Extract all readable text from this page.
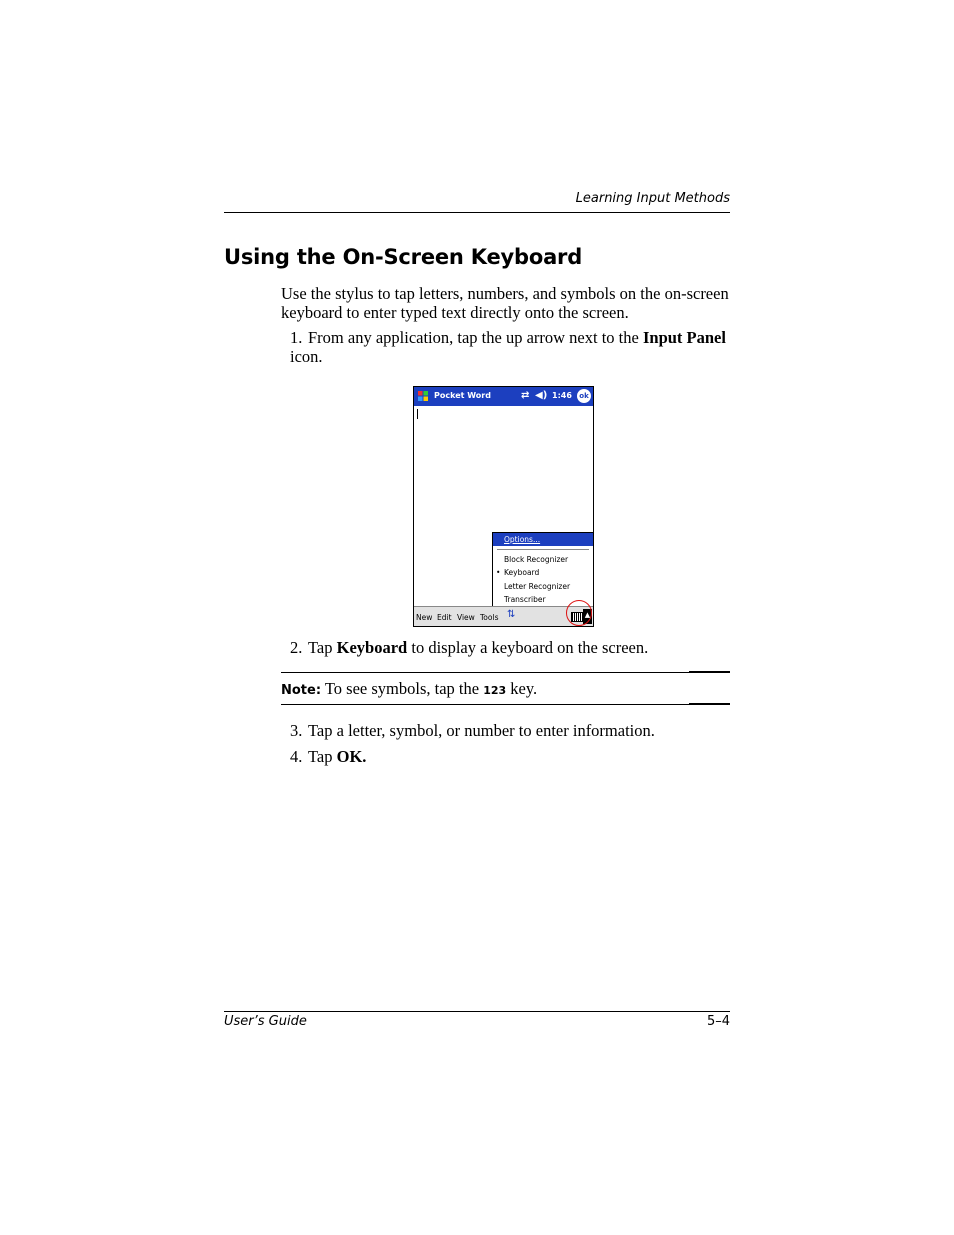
Learning Input Methods
Using the On-Screen Keyboard
Use the stylus to tap letters, numbers, and symbols on the on-screen keyboard to enter typed text directly onto the screen.
1. From any application, tap the up arrow next to the Input Panel icon.
Pocket Word	⇄ ◀) 1:46	ok
Options...
Block Recognizer
• Keyboard
Letter Recognizer
Transcriber
New Edit View Tools ⇅	▲
2. Tap Keyboard to display a keyboard on the screen.
Note: To see symbols, tap the 123 key.
3. Tap a letter, symbol, or number to enter information.
4. Tap OK.
User’s Guide	5–4
